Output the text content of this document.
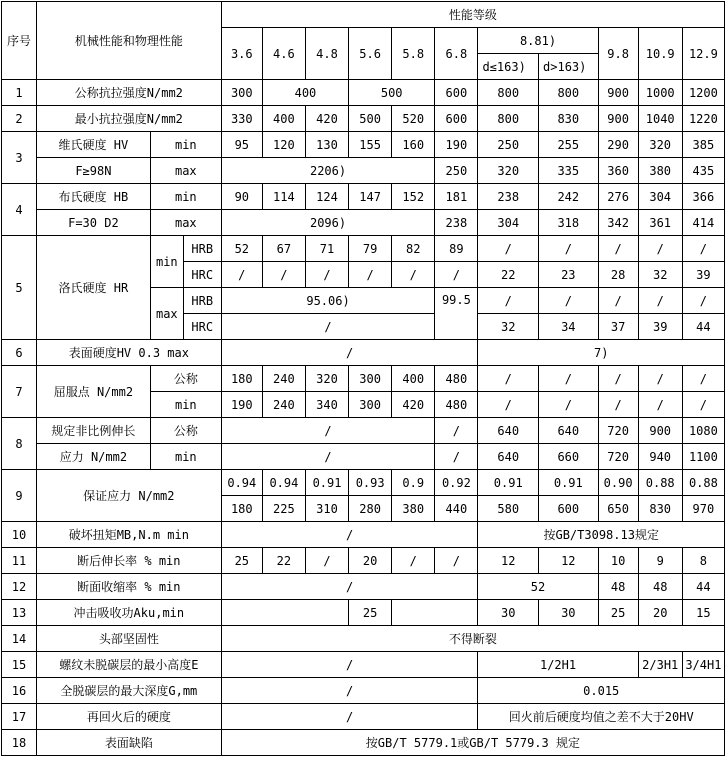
序号	机械性能和物理性能			性能等级										
				3.6	4.6	4.8	5.6	5.8	6.8	8.81)		9.8	10.9	12.9
										d≤163)	d>163)			
1	公称抗拉强度N/mm2			300	400		500		600	800	800	900	1000	1200
2	最小抗拉强度N/mm2			330	400	420	500	520	600	800	830	900	1040	1220
3	维氏硬度 HV	min		95	120	130	155	160	190	250	255	290	320	385
	F≥98N	max		2206)					250	320	335	360	380	435
4	布氏硬度 HB	min		90	114	124	147	152	181	238	242	276	304	366
	F=30 D2	max		2096)					238	304	318	342	361	414
5	洛氏硬度 HR	min	HRB	52	67	71	79	82	89	/	/	/	/	/
			HRC	/	/	/	/	/	/	22	23	28	32	39
		max	HRB	95.06)					99.5	/	/	/	/	/
			HRC	/						32	34	37	39	44
6	表面硬度HV 0.3 max			/						7)				
7	屈服点 N/mm2	公称		180	240	320	300	400	480	/	/	/	/	/
		min		190	240	340	300	420	480	/	/	/	/	/
8	规定非比例伸长	公称		/					/	640	640	720	900	1080
	应力 N/mm2	min		/					/	640	660	720	940	1100
9	保证应力 N/mm2			0.94	0.94	0.91	0.93	0.9	0.92	0.91	0.91	0.90	0.88	0.88
				180	225	310	280	380	440	580	600	650	830	970
10	破坏扭矩MB,N.m min			/						按GB/T3098.13规定				
11	断后伸长率 % min			25	22	/	20	/	/	12	12	10	9	8
12	断面收缩率 % min			/						52		48	48	44
13	冲击吸收功Aku,min						25			30	30	25	20	15
14	头部坚固性			不得断裂										
15	螺纹未脱碳层的最小高度E			/						1/2H1			2/3H1	3/4H1
16	全脱碳层的最大深度G,mm			/						0.015				
17	再回火后的硬度			/						回火前后硬度均值之差不大于20HV				
18	表面缺陷			按GB/T 5779.1或GB/T 5779.3 规定										
